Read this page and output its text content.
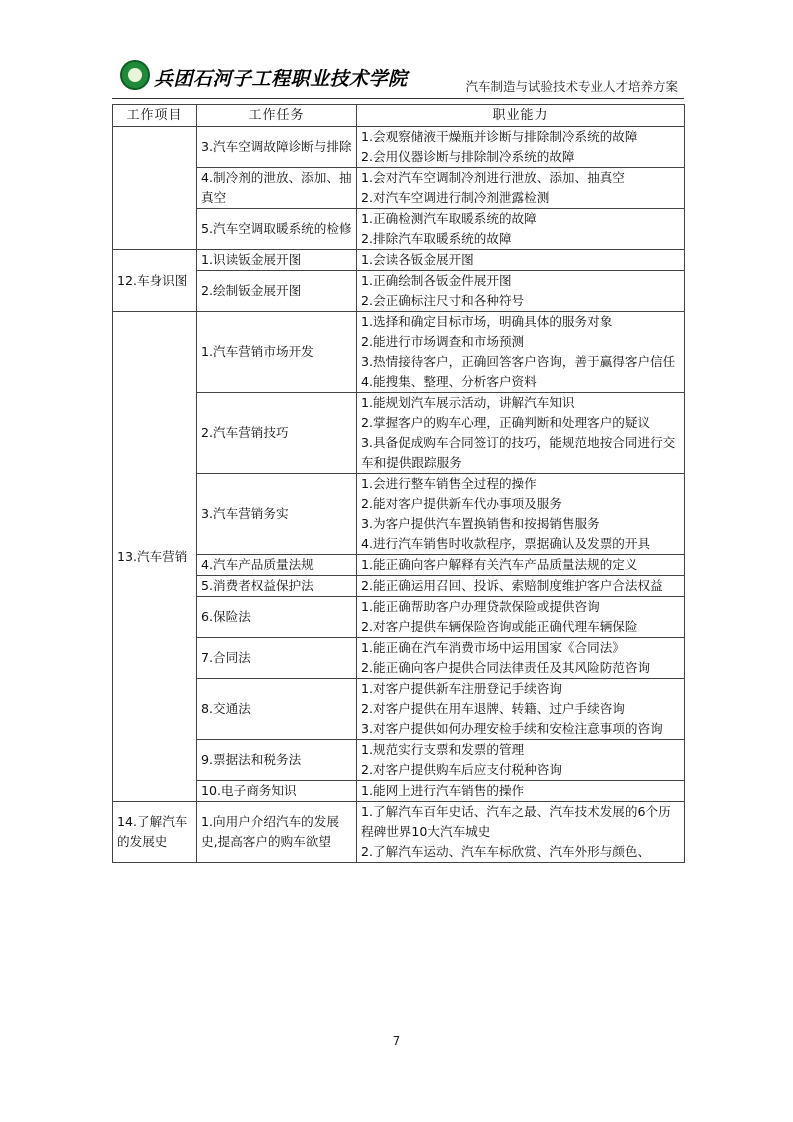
兵团石河子工程职业技术学院	汽车制造与试验技术专业人才培养方案
工作项目	工作任务	职业能力
	3.汽车空调故障诊断与排除	1.会观察储液干燥瓶并诊断与排除制冷系统的故障
2.会用仪器诊断与排除制冷系统的故障

	4.制冷剂的泄放、添加、抽真空	1.会对汽车空调制冷剂进行泄放、添加、抽真空
2.对汽车空调进行制冷剂泄露检测

	5.汽车空调取暖系统的检修	1.正确检测汽车取暖系统的故障
2.排除汽车取暖系统的故障

12.车身识图	1.识读钣金展开图	1.会读各钣金展开图

	2.绘制钣金展开图	1.正确绘制各钣金件展开图
2.会正确标注尺寸和各种符号

13.汽车营销	1.汽车营销市场开发	1.选择和确定目标市场，明确具体的服务对象
2.能进行市场调查和市场预测
3.热情接待客户，正确回答客户咨询，善于赢得客户信任
4.能搜集、整理、分析客户资料

	2.汽车营销技巧	1.能规划汽车展示活动，讲解汽车知识
2.掌握客户的购车心理，正确判断和处理客户的疑议
3.具备促成购车合同签订的技巧，能规范地按合同进行交车和提供跟踪服务

	3.汽车营销务实	1.会进行整车销售全过程的操作
2.能对客户提供新车代办事项及服务
3.为客户提供汽车置换销售和按揭销售服务
4.进行汽车销售时收款程序，票据确认及发票的开具

	4.汽车产品质量法规	1.能正确向客户解释有关汽车产品质量法规的定义

	5.消费者权益保护法	2.能正确运用召回、投诉、索赔制度维护客户合法权益

	6.保险法	1.能正确帮助客户办理贷款保险或提供咨询
2.对客户提供车辆保险咨询或能正确代理车辆保险

	7.合同法	1.能正确在汽车消费市场中运用国家《合同法》
2.能正确向客户提供合同法律责任及其风险防范咨询

	8.交通法	1.对客户提供新车注册登记手续咨询
2.对客户提供在用车退牌、转籍、过户手续咨询
3.对客户提供如何办理安检手续和安检注意事项的咨询

	9.票据法和税务法	1.规范实行支票和发票的管理
2.对客户提供购车后应支付税种咨询

	10.电子商务知识	1.能网上进行汽车销售的操作

14.了解汽车的发展史	1.向用户介绍汽车的发展史,提高客户的购车欲望	1.了解汽车百年史话、汽车之最、汽车技术发展的6个历程碑世界10大汽车城史
2.了解汽车运动、汽车车标欣赏、汽车外形与颜色、
7
